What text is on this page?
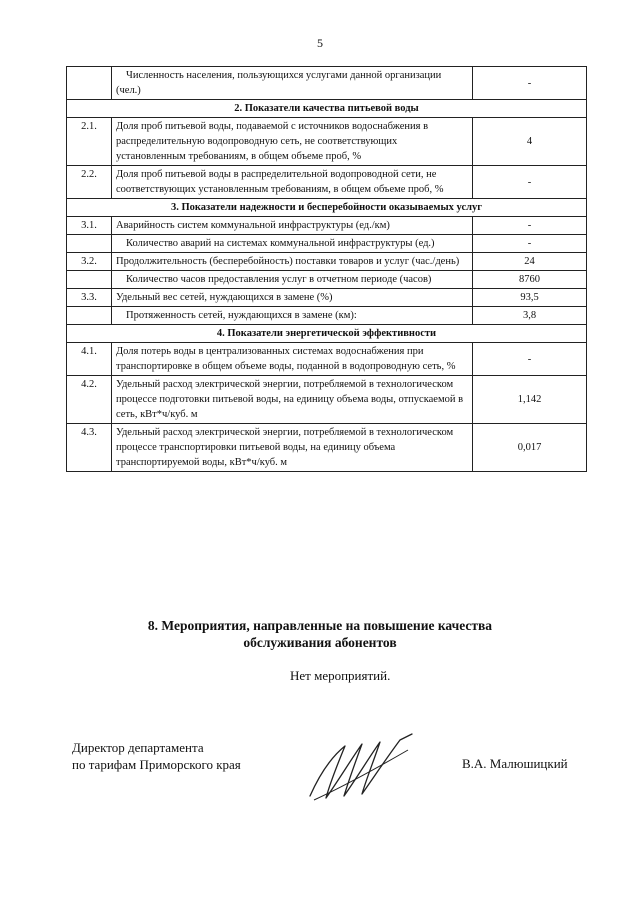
5
	Численность населения, пользующихся услугами данной организации (чел.)	-
2. Показатели качества питьевой воды		
2.1.	Доля проб питьевой воды, подаваемой с источников водоснабжения в распределительную водопроводную сеть, не соответствующих установленным требованиям, в общем объеме проб, %	4
2.2.	Доля проб питьевой воды в распределительной водопроводной сети, не соответствующих установленным требованиям, в общем объеме проб, %	-
3. Показатели надежности и бесперебойности оказываемых услуг		
3.1.	Аварийность систем коммунальной инфраструктуры (ед./км)	-
	Количество аварий на системах коммунальной инфраструктуры (ед.)	-
3.2.	Продолжительность (бесперебойность) поставки товаров и услуг (час./день)	24
	Количество часов предоставления услуг в отчетном периоде (часов)	8760
3.3.	Удельный вес сетей, нуждающихся в замене (%)	93,5
	Протяженность сетей, нуждающихся в замене (км):	3,8
4. Показатели энергетической эффективности		
4.1.	Доля потерь воды в централизованных системах водоснабжения при транспортировке в общем объеме воды, поданной в водопроводную сеть, %	-
4.2.	Удельный расход электрической энергии, потребляемой в технологическом процессе подготовки питьевой воды, на единицу объема воды, отпускаемой в сеть, кВт*ч/куб. м	1,142
4.3.	Удельный расход электрической энергии, потребляемой в технологическом процессе транспортировки питьевой воды, на единицу объема транспортируемой воды, кВт*ч/куб. м	0,017
8. Мероприятия, направленные на повышение качества
обслуживания абонентов
Нет мероприятий.
Директор департамента
по тарифам Приморского края	В.А. Малюшицкий
